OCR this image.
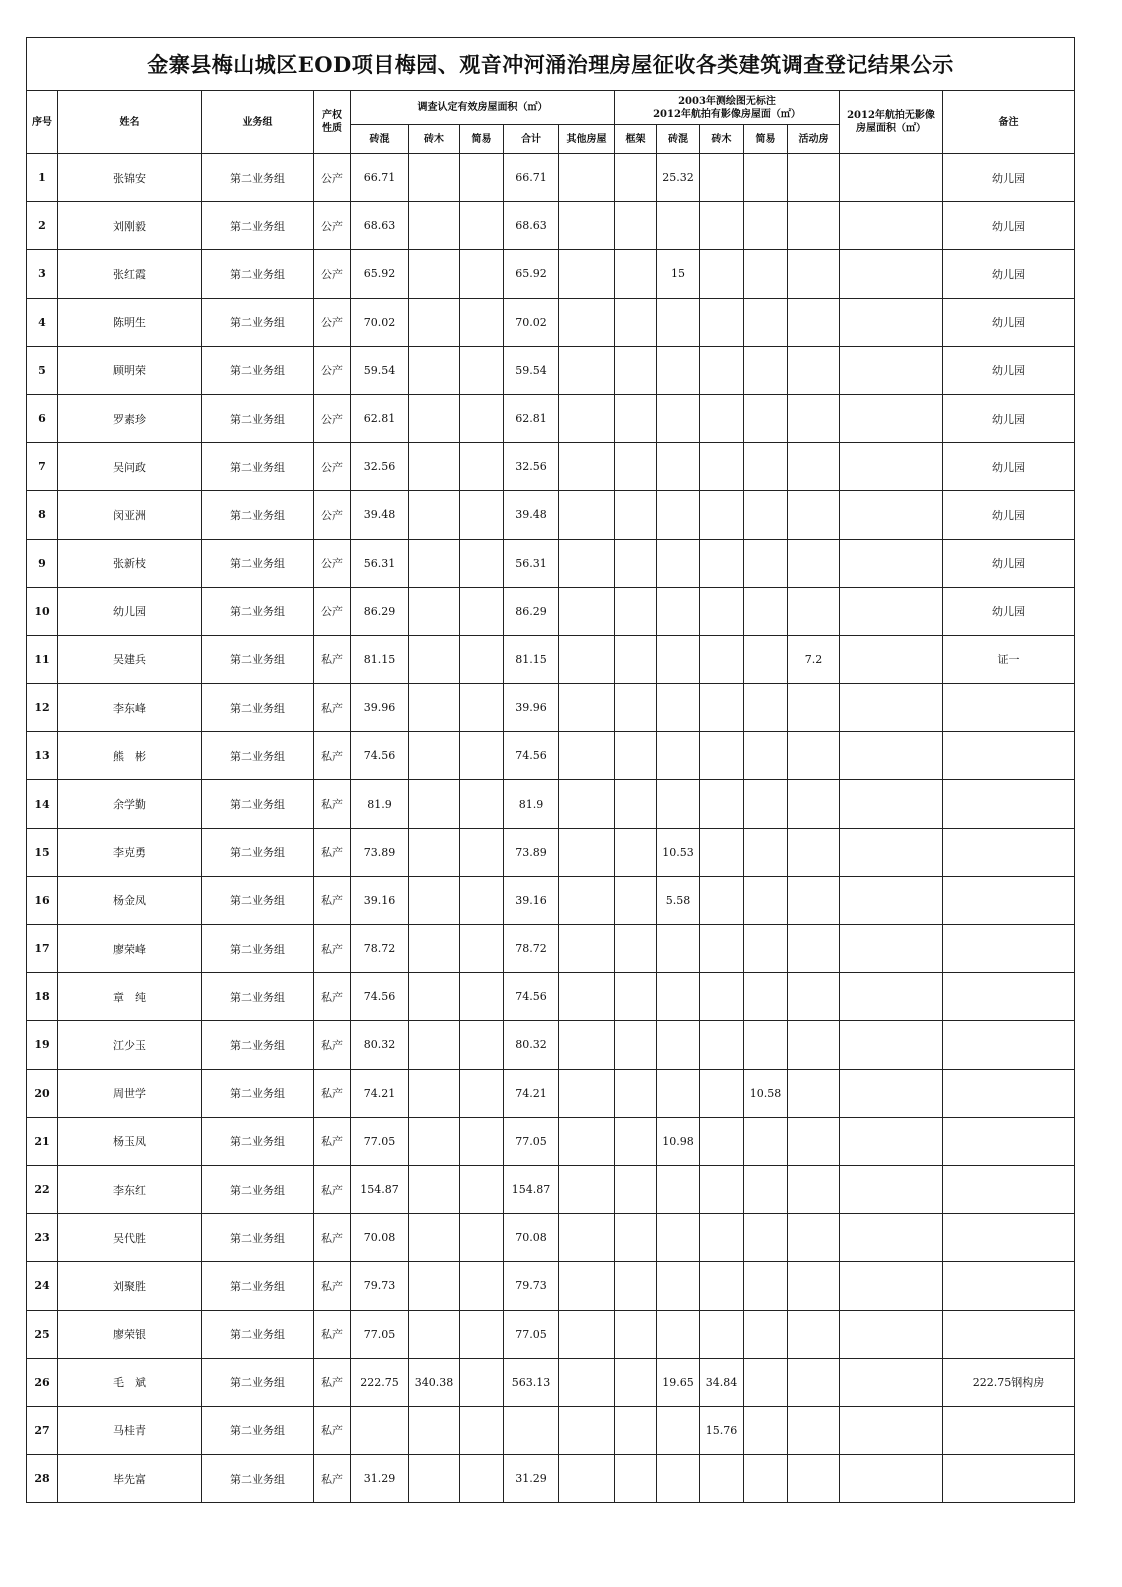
金寨县梅山城区EOD项目梅园、观音冲河涌治理房屋征收各类建筑调查登记结果公示															
序号	姓名	业务组	产权
性质	调查认定有效房屋面积（㎡）					2003年测绘图无标注
2012年航拍有影像房屋面（㎡）					2012年航拍无影像
房屋面积（㎡）	备注
				砖混	砖木	简易	合计	其他房屋	框架	砖混	砖木	简易	活动房		
1	张锦安	第二业务组	公产	66.71			66.71			25.32					幼儿园
2	刘刚毅	第二业务组	公产	68.63			68.63								幼儿园
3	张红霞	第二业务组	公产	65.92			65.92			15					幼儿园
4	陈明生	第二业务组	公产	70.02			70.02								幼儿园
5	顾明荣	第二业务组	公产	59.54			59.54								幼儿园
6	罗素珍	第二业务组	公产	62.81			62.81								幼儿园
7	吴问政	第二业务组	公产	32.56			32.56								幼儿园
8	闵亚洲	第二业务组	公产	39.48			39.48								幼儿园
9	张新枝	第二业务组	公产	56.31			56.31								幼儿园
10	幼儿园	第二业务组	公产	86.29			86.29								幼儿园
11	吴建兵	第二业务组	私产	81.15			81.15						7.2		证一
12	李东峰	第二业务组	私产	39.96			39.96								
13	熊　彬	第二业务组	私产	74.56			74.56								
14	余学勤	第二业务组	私产	81.9			81.9								
15	李克勇	第二业务组	私产	73.89			73.89			10.53					
16	杨金凤	第二业务组	私产	39.16			39.16			5.58					
17	廖荣峰	第二业务组	私产	78.72			78.72								
18	章　纯	第二业务组	私产	74.56			74.56								
19	江少玉	第二业务组	私产	80.32			80.32								
20	周世学	第二业务组	私产	74.21			74.21					10.58			
21	杨玉凤	第二业务组	私产	77.05			77.05			10.98					
22	李东红	第二业务组	私产	154.87			154.87								
23	吴代胜	第二业务组	私产	70.08			70.08								
24	刘聚胜	第二业务组	私产	79.73			79.73								
25	廖荣银	第二业务组	私产	77.05			77.05								
26	毛　斌	第二业务组	私产	222.75	340.38		563.13			19.65	34.84				222.75钢构房
27	马桂青	第二业务组	私产								15.76				
28	毕先富	第二业务组	私产	31.29			31.29								
